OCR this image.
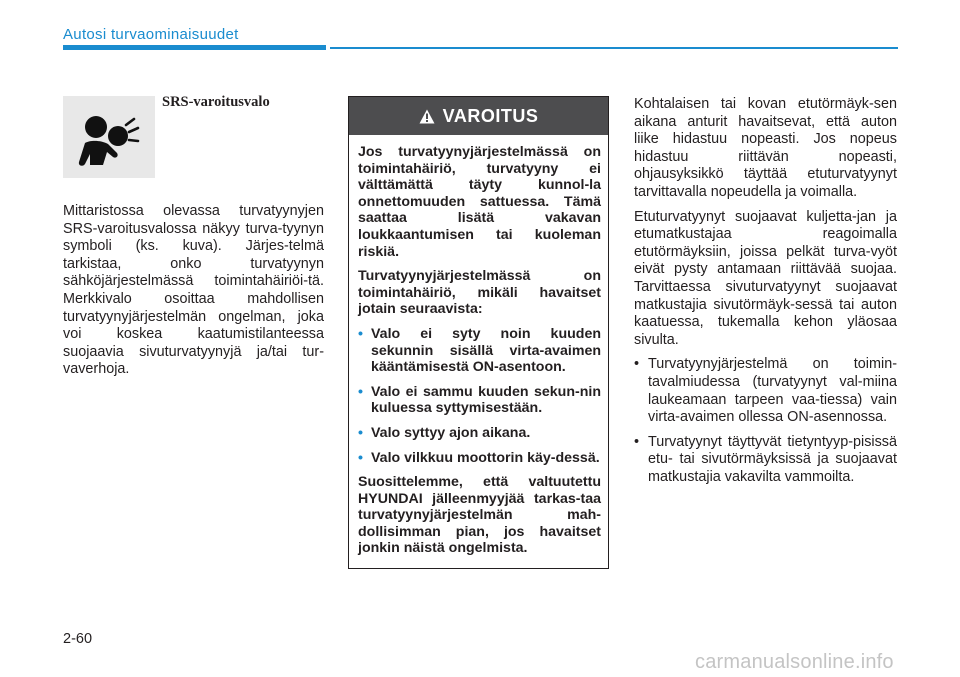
Autosi turvaominaisuudet
SRS-varoitusvalo
Mittaristossa olevassa turvatyynyjen SRS-varoitusvalossa näkyy turva-tyynyn symboli (ks. kuva). Järjes-telmä tarkistaa, onko turvatyynyn sähköjärjestelmässä toimintahäiriöi-tä. Merkkivalo osoittaa mahdollisen turvatyynyjärjestelmän ongelman, joka voi koskea kaatumistilanteessa suojaavia sivuturvatyynyjä ja/tai tur-vaverhoja.
VAROITUS

Jos turvatyynyjärjestelmässä on toimintahäiriö, turvatyyny ei välttämättä täyty kunnol-la onnettomuuden sattuessa. Tämä saattaa lisätä vakavan loukkaantumisen tai kuoleman riskiä.

Turvatyynyjärjestelmässä on toimintahäiriö, mikäli havaitset jotain seuraavista:

• Valo ei syty noin kuuden sekunnin sisällä virta-avaimen kääntämisestä ON-asentoon.
• Valo ei sammu kuuden sekun-nin kuluessa syttymisestään.
• Valo syttyy ajon aikana.
• Valo vilkkuu moottorin käy-dessä.

Suosittelemme, että valtuutettu HYUNDAI jälleenmyyjää tarkas-taa turvatyynyjärjestelmän mah-dollisimman pian, jos havaitset jonkin näistä ongelmista.

Kohtalaisen tai kovan etutörmäyk-sen aikana anturit havaitsevat, että auton liike hidastuu nopeasti. Jos nopeus hidastuu riittävän nopeasti, ohjausyksikkö täyttää etuturvatyynyt tarvittavalla nopeudella ja voimalla.

Etuturvatyynyt suojaavat kuljetta-jan ja etumatkustajaa reagoimalla etutörmäyksiin, joissa pelkät turva-vyöt eivät pysty antamaan riittävää suojaa. Tarvittaessa sivuturvatyynyt suojaavat matkustajia sivutörmäyk-sessä tai auton kaatuessa, tukemalla kehon yläosaa sivulta.

• Turvatyynyjärjestelmä on toimin-tavalmiudessa (turvatyynyt val-miina laukeamaan tarpeen vaa-tiessa) vain virta-avaimen ollessa ON-asennossa.
• Turvatyynyt täyttyvät tietyntyyp-pisissä etu- tai sivutörmäyksissä ja suojaavat matkustajia vakavilta vammoilta.
2-60
carmanualsonline.info
